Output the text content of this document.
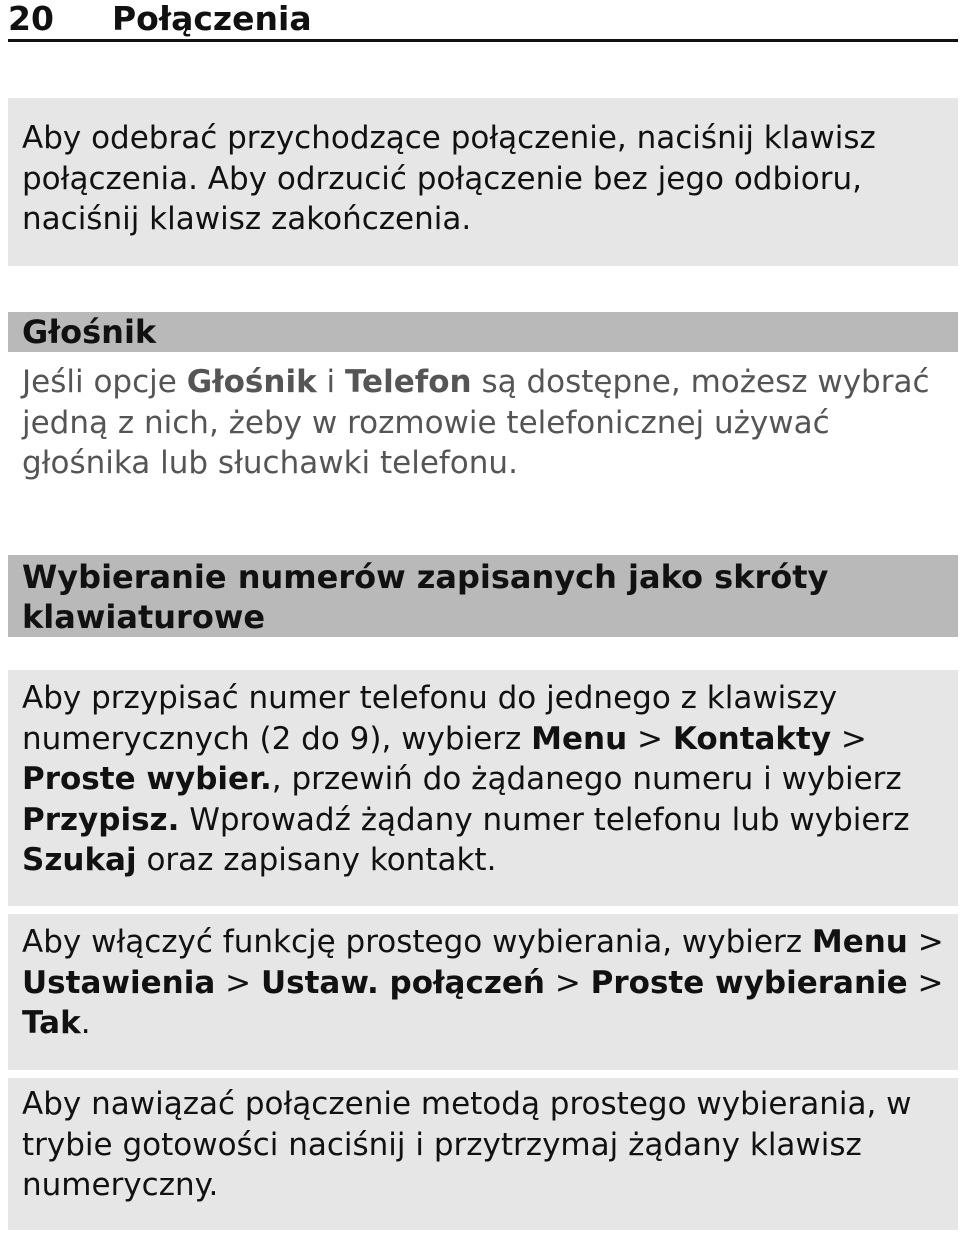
20 Połączenia

Aby odebrać przychodzące połączenie, naciśnij klawisz połączenia. Aby odrzucić połączenie bez jego odbioru, naciśnij klawisz zakończenia.

Głośnik

Jeśli opcje Głośnik i Telefon są dostępne, możesz wybrać jedną z nich, żeby w rozmowie telefonicznej używać głośnika lub słuchawki telefonu.

Wybieranie numerów zapisanych jako skróty klawiaturowe

Aby przypisać numer telefonu do jednego z klawiszy numerycznych (2 do 9), wybierz Menu > Kontakty > Proste wybier., przewiń do żądanego numeru i wybierz Przypisz. Wprowadź żądany numer telefonu lub wybierz Szukaj oraz zapisany kontakt.

Aby włączyć funkcję prostego wybierania, wybierz Menu > Ustawienia > Ustaw. połączeń > Proste wybieranie > Tak.

Aby nawiązać połączenie metodą prostego wybierania, w trybie gotowości naciśnij i przytrzymaj żądany klawisz numeryczny.
